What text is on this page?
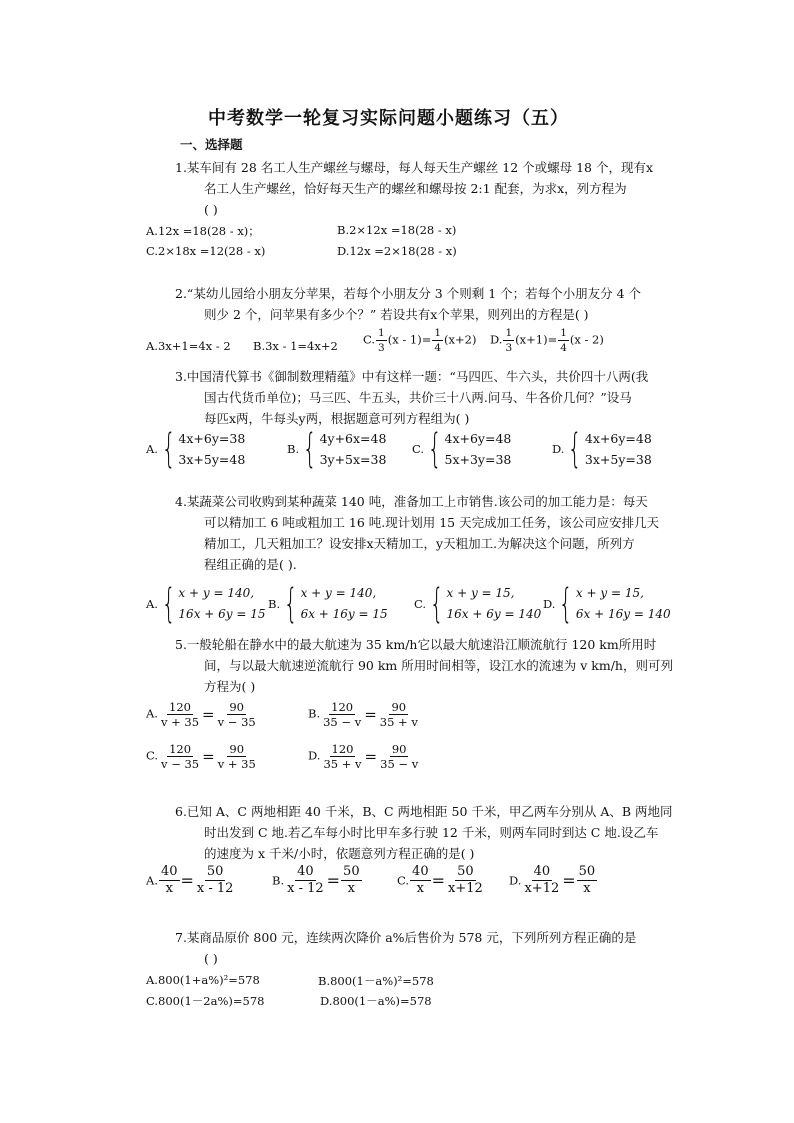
中考数学一轮复习实际问题小题练习（五）
一、选择题
1.某车间有 28 名工人生产螺丝与螺母，每人每天生产螺丝 12 个或螺母 18 个，现有x
名工人生产螺丝，恰好每天生产的螺丝和螺母按 2:1 配套，为求x，列方程为
( )
A.12x =18(28 - x)；	B.2×12x =18(28 - x)
C.2×18x =12(28 - x)	D.12x =2×18(28 - x)
2.“某幼儿园给小朋友分苹果，若每个小朋友分 3 个则剩 1 个；若每个小朋友分 4 个
则少 2 个，问苹果有多少个？” 若设共有x个苹果，则列出的方程是( )
A.3x+1=4x - 2 B.3x - 1=4x+2 C. $\frac{1}{3} (x - 1)= \frac{1}{4} (x+2)$ D. $\frac{1}{3} (x+1)= \frac{1}{4} (x - 2)$
3.中国清代算书《御制数理精蕴》中有这样一题：“马四匹、牛六头，共价四十八两(我
国古代货币单位)；马三匹、牛五头，共价三十八两.问马、牛各价几何？”设马
每匹x两，牛每头y两，根据题意可列方程组为( )
A. { 4x+6y=38
3x+5y=48
B. { 4y+6x=48
3y+5x=38
C. { 4x+6y=48
5x+3y=38
D. { 4x+6y=48
3x+5y=38
4.某蔬菜公司收购到某种蔬菜 140 吨，准备加工上市销售.该公司的加工能力是：每天
可以精加工 6 吨或粗加工 16 吨.现计划用 15 天完成加工任务，该公司应安排几天
精加工，几天粗加工？设安排x天精加工，y天粗加工.为解决这个问题，所列方
程组正确的是( ).
A. { x + y = 140,
16x + 6y = 15
B. { x + y = 140,
6x + 16y = 15
C. { x + y = 15,
16x + 6y = 140
D. { x + y = 15,
6x + 16y = 140
5.一般轮船在静水中的最大航速为 35 km/h它以最大航速沿江顺流航行 120 km所用时
间，与以最大航速逆流航行 90 km 所用时间相等，设江水的流速为 v km/h，则可列
方程为( )
A. $\frac{120}{v + 35} = \frac{90}{v - 35}$	B. $\frac{120}{35 - v} = \frac{90}{35 + v}$
C. $\frac{120}{v - 35} = \frac{90}{v + 35}$	D. $\frac{120}{35 + v} = \frac{90}{35 - v}$
6.已知 A、C 两地相距 40 千米，B、C 两地相距 50 千米，甲乙两车分别从 A、B 两地同
时出发到 C 地.若乙车每小时比甲车多行驶 12 千米，则两车同时到达 C 地.设乙车
的速度为 x 千米/小时，依题意列方程正确的是( )
A. $\frac{40}{x} = \frac{50}{x - 12}$	B. $\frac{40}{x - 12} = \frac{50}{x}$	C. $\frac{40}{x} = \frac{50}{x+12} D$. $\frac{40}{x+12} = \frac{50}{x}$
7.某商品原价 800 元，连续两次降价 a%后售价为 578 元，下列所列方程正确的是
( )
A.800(1+a%)²=578	B.800(1－a%)²=578
C.800(1－2a%)=578	D.800(1－a%)=578
